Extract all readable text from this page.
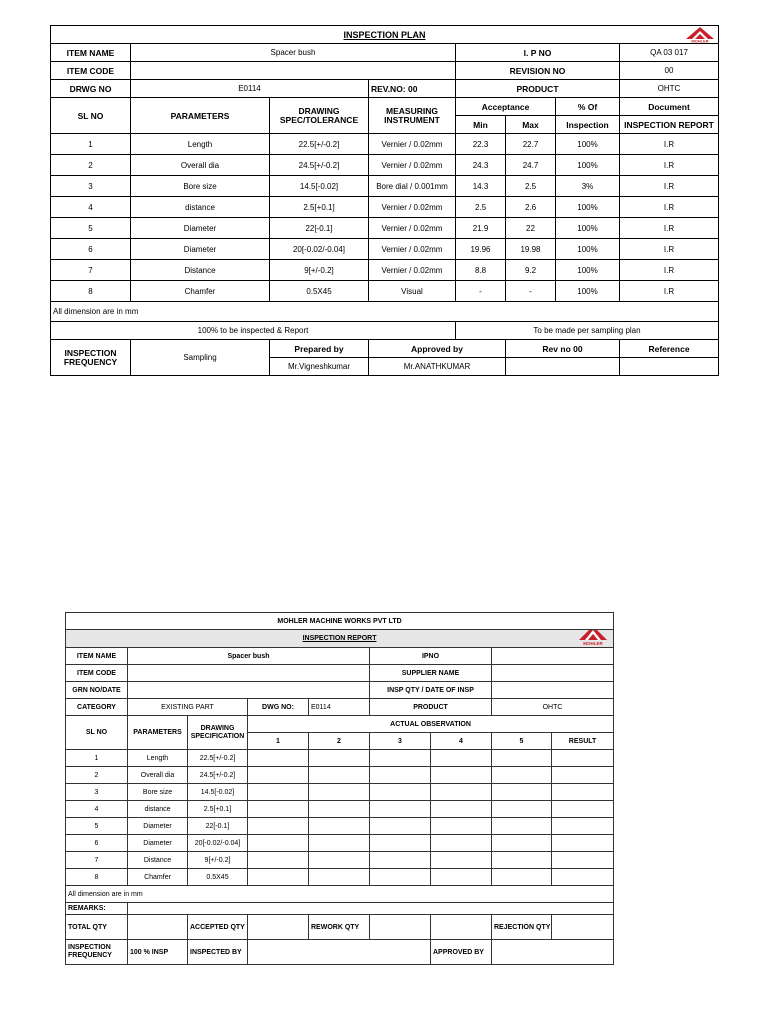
INSPECTION PLAN
MOHLER							

ITEM NAME	Spacer bush			I. P NO			QA 03 017
ITEM CODE				REVISION NO			00
DRWG NO	E0114		REV.NO: 00	PRODUCT			OHTC
SL NO	PARAMETERS	DRAWING SPEC/TOLERANCE	MEASURING INSTRUMENT	Acceptance		% Of	Document
				Min	Max	Inspection	INSPECTION REPORT
1	Length	22.5[+/-0.2]	Vernier / 0.02mm	22.3	22.7	100%	I.R
2	Overall dia	24.5[+/-0.2]	Vernier / 0.02mm	24.3	24.7	100%	I.R
3	Bore size	14.5[-0.02]	Bore dial / 0.001mm	14.3	2.5	3%	I.R
4	distance	2.5[+0.1]	Vernier / 0.02mm	2.5	2.6	100%	I.R
5	Diameter	22[-0.1]	Vernier / 0.02mm	21.9	22	100%	I.R
6	Diameter	20[-0.02/-0.04]	Vernier / 0.02mm	19.96	19.98	100%	I.R
7	Distance	9[+/-0.2]	Vernier / 0.02mm	8.8	9.2	100%	I.R
8	Chamfer	0.5X45	Visual	-	-	100%	I.R
All dimension are in mm							
100% to be inspected & Report				To be made per sampling plan			
INSPECTION FREQUENCY	Sampling	Prepared by	Approved by		Rev no 00		Reference
		Mr.Vigneshkumar	Mr.ANATHKUMAR				
MOHLER MACHINE WORKS PVT LTD								
INSPECTION REPORT
MOHLER								

ITEM NAME	Spacer bush				IPNO			
ITEM CODE					SUPPLIER NAME			
GRN NO/DATE					INSP QTY / DATE OF INSP			
CATEGORY	EXISTING PART		DWG NO:	E0114	PRODUCT		OHTC	
SL NO	PARAMETERS	DRAWING SPECIFICATION	ACTUAL OBSERVATION					
			1	2	3	4	5	RESULT
1	Length	22.5[+/-0.2]						
2	Overall dia	24.5[+/-0.2]						
3	Bore size	14.5[-0.02]						
4	distance	2.5[+0.1]						
5	Diameter	22[-0.1]						
6	Diameter	20[-0.02/-0.04]						
7	Distance	9[+/-0.2]						
8	Chamfer	0.5X45						
All dimension are in mm								
REMARKS:								
TOTAL QTY		ACCEPTED QTY		REWORK QTY			REJECTION QTY	
INSPECTION FREQUENCY	100 % INSP	INSPECTED BY				APPROVED BY		
